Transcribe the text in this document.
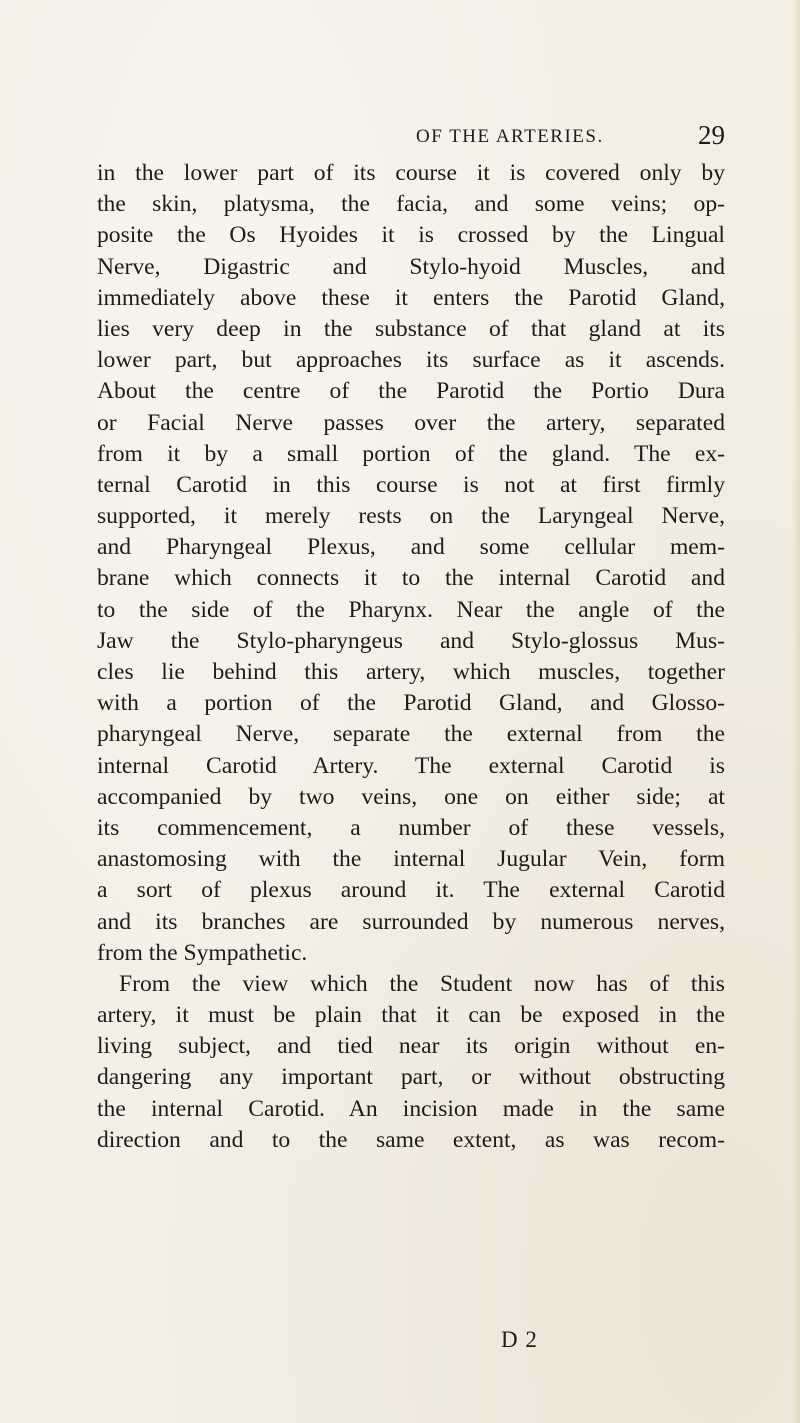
OF THE ARTERIES.	29
in the lower part of its course it is covered only by
the skin, platysma, the facia, and some veins; op-
posite the Os Hyoides it is crossed by the Lingual
Nerve, Digastric and Stylo-hyoid Muscles, and
immediately above these it enters the Parotid Gland,
lies very deep in the substance of that gland at its
lower part, but approaches its surface as it ascends.
About the centre of the Parotid the Portio Dura
or Facial Nerve passes over the artery, separated
from it by a small portion of the gland. The ex-
ternal Carotid in this course is not at first firmly
supported, it merely rests on the Laryngeal Nerve,
and Pharyngeal Plexus, and some cellular mem-
brane which connects it to the internal Carotid and
to the side of the Pharynx. Near the angle of the
Jaw the Stylo-pharyngeus and Stylo-glossus Mus-
cles lie behind this artery, which muscles, together
with a portion of the Parotid Gland, and Glosso-
pharyngeal Nerve, separate the external from the
internal Carotid Artery. The external Carotid is
accompanied by two veins, one on either side; at
its commencement, a number of these vessels,
anastomosing with the internal Jugular Vein, form
a sort of plexus around it. The external Carotid
and its branches are surrounded by numerous nerves,
from the Sympathetic.
From the view which the Student now has of this
artery, it must be plain that it can be exposed in the
living subject, and tied near its origin without en-
dangering any important part, or without obstructing
the internal Carotid. An incision made in the same
direction and to the same extent, as was recom-
D 2
